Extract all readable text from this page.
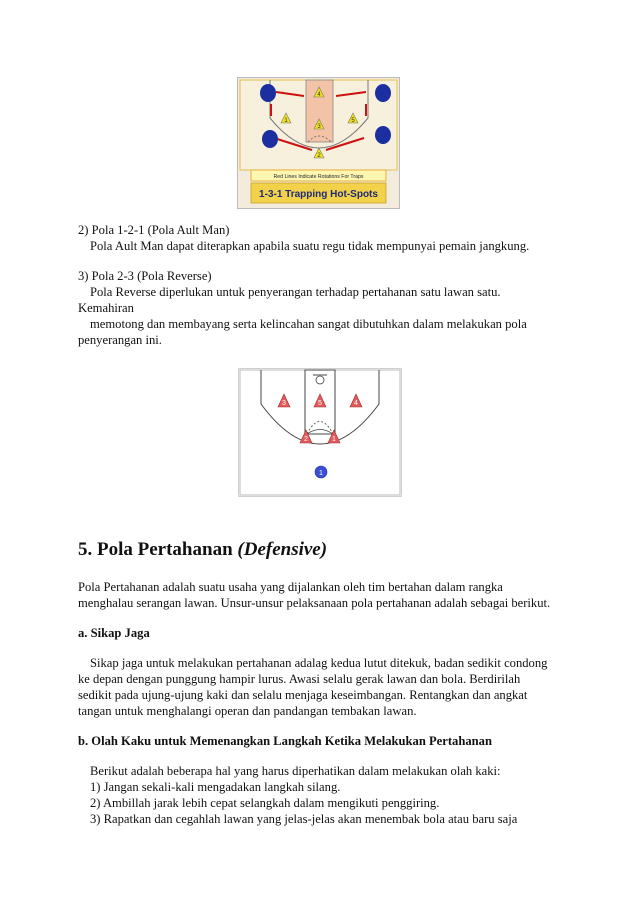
4
1
3
5
2
Red Lines Indicate Rotations For Traps
1-3-1 Trapping Hot-Spots
2) Pola 1-2-1 (Pola Ault Man)
Pola Ault Man dapat diterapkan apabila suatu regu tidak mempunyai pemain jangkung.
3) Pola 2-3 (Pola Reverse)
Pola Reverse diperlukan untuk penyerangan terhadap pertahanan satu lawan satu.
Kemahiran
memotong dan membayang serta kelincahan sangat dibutuhkan dalam melakukan pola
penyerangan ini.
3	5	4
2	1
1
5. Pola Pertahanan (Defensive)
Pola Pertahanan adalah suatu usaha yang dijalankan oleh tim bertahan dalam rangka
menghalau serangan lawan. Unsur-unsur pelaksanaan pola pertahanan adalah sebagai berikut.
a. Sikap Jaga
Sikap jaga untuk melakukan pertahanan adalag kedua lutut ditekuk, badan sedikit condong
ke depan dengan punggung hampir lurus. Awasi selalu gerak lawan dan bola. Berdirilah
sedikit pada ujung-ujung kaki dan selalu menjaga keseimbangan. Rentangkan dan angkat
tangan untuk menghalangi operan dan pandangan tembakan lawan.
b. Olah Kaku untuk Memenangkan Langkah Ketika Melakukan Pertahanan
Berikut adalah beberapa hal yang harus diperhatikan dalam melakukan olah kaki:
1) Jangan sekali-kali mengadakan langkah silang.
2) Ambillah jarak lebih cepat selangkah dalam mengikuti penggiring.
3) Rapatkan dan cegahlah lawan yang jelas-jelas akan menembak bola atau baru saja
